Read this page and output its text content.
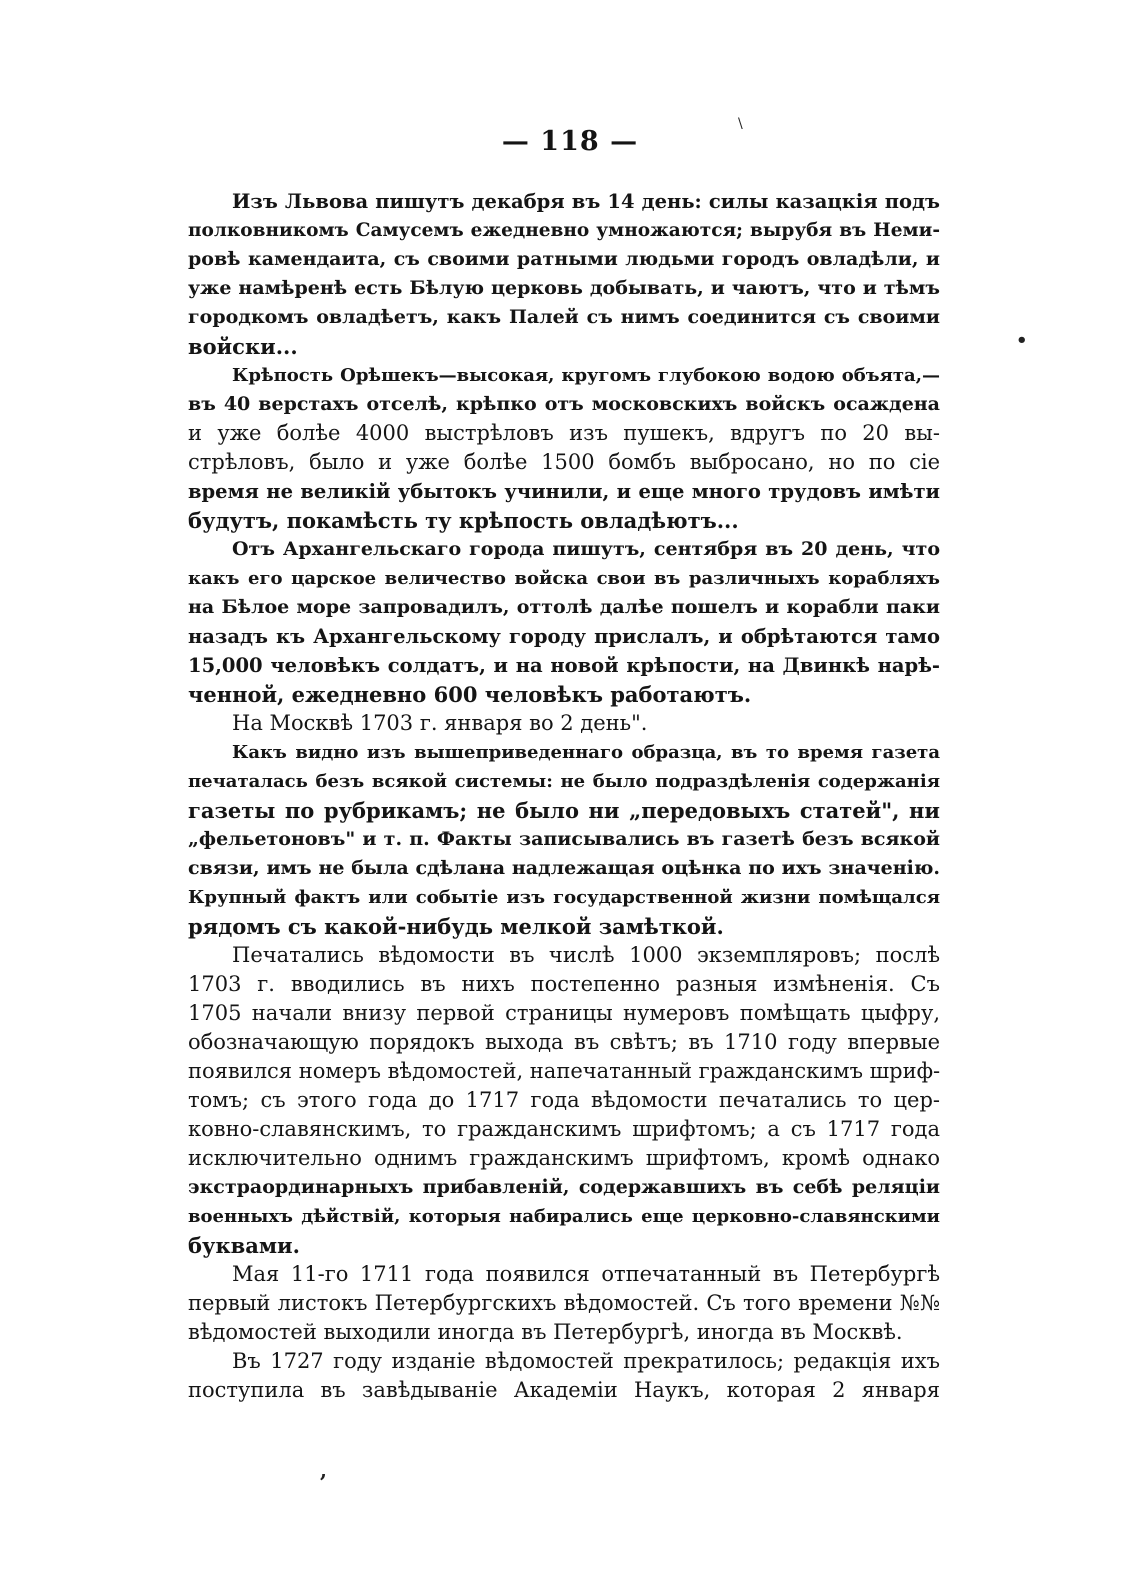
— 118 —
Изъ Львова пишутъ декабря въ 14 день: силы казацкія подъ
полковникомъ Самусемъ ежедневно умножаются; вырубя въ Неми-
ровѣ камендаита, съ своими ратными людьми городъ овладѣли, и
уже намѣренѣ есть Бѣлую церковь добывать, и чаютъ, что и тѣмъ
городкомъ овладѣетъ, какъ Палей съ нимъ соединится съ своими
войски...
Крѣпость Орѣшекъ—высокая, кругомъ глубокою водою объята,—
въ 40 верстахъ отселѣ, крѣпко отъ московскихъ войскъ осаждена
и уже болѣе 4000 выстрѣловъ изъ пушекъ, вдругъ по 20 вы-
стрѣловъ, было и уже болѣе 1500 бомбъ выбросано, но по сіе
время не великій убытокъ учинили, и еще много трудовъ имѣти
будутъ, покамѣсть ту крѣпость овладѣютъ...
Отъ Архангельскаго города пишутъ, сентября въ 20 день, что
какъ его царское величество войска свои въ различныхъ корабляхъ
на Бѣлое море запровадилъ, оттолѣ далѣе пошелъ и корабли паки
назадъ къ Архангельскому городу прислалъ, и обрѣтаются тамо
15,000 человѣкъ солдатъ, и на новой крѣпости, на Двинкѣ нарѣ-
ченной, ежедневно 600 человѣкъ работаютъ.
На Москвѣ 1703 г. января во 2 день".
Какъ видно изъ вышеприведеннаго образца, въ то время газета
печаталась безъ всякой системы: не было подраздѣленія содержанія
газеты по рубрикамъ; не было ни „передовыхъ статей", ни
„фельетоновъ" и т. п. Факты записывались въ газетѣ безъ всякой
связи, имъ не была сдѣлана надлежащая оцѣнка по ихъ значенію.
Крупный фактъ или событіе изъ государственной жизни помѣщался
рядомъ съ какой-нибудь мелкой замѣткой.
Печатались вѣдомости въ числѣ 1000 экземпляровъ; послѣ
1703 г. вводились въ нихъ постепенно разныя измѣненія. Съ
1705 начали внизу первой страницы нумеровъ помѣщать цыфру,
обозначающую порядокъ выхода въ свѣтъ; въ 1710 году впервые
появился номеръ вѣдомостей, напечатанный гражданскимъ шриф-
томъ; съ этого года до 1717 года вѣдомости печатались то цер-
ковно-славянскимъ, то гражданскимъ шрифтомъ; а съ 1717 года
исключительно однимъ гражданскимъ шрифтомъ, кромѣ однако
экстраординарныхъ прибавленій, содержавшихъ въ себѣ реляціи
военныхъ дѣйствій, которыя набирались еще церковно-славянскими
буквами.
Мая 11-го 1711 года появился отпечатанный въ Петербургѣ
первый листокъ Петербургскихъ вѣдомостей. Съ того времени №№
вѣдомостей выходили иногда въ Петербургѣ, иногда въ Москвѣ.
Въ 1727 году изданіе вѣдомостей прекратилось; редакція ихъ
поступила въ завѣдываніе Академіи Наукъ, которая 2 января
•
\
,
